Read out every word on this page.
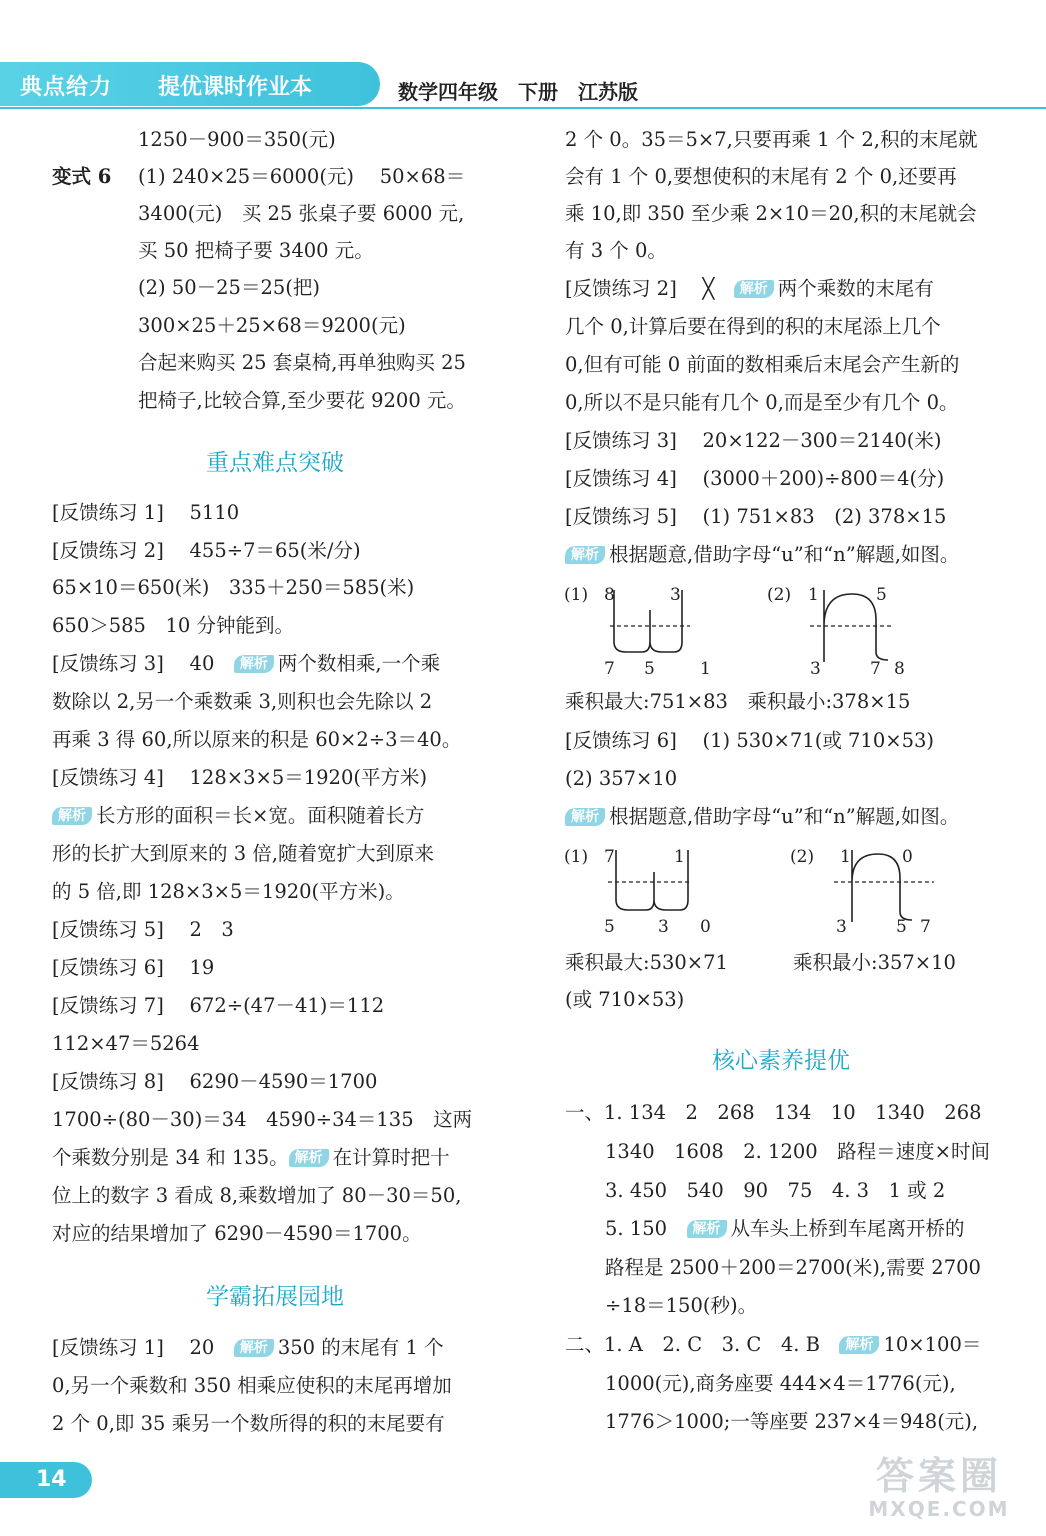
典点给力 提优课时作业本	数学四年级　下册　江苏版
1250－900＝350(元)
变式 6 (1) 240×25＝6000(元)　 50×68＝
3400(元)　买 25 张桌子要 6000 元,
买 50 把椅子要 3400 元。
(2) 50－25＝25(把)
300×25＋25×68＝9200(元)
合起来购买 25 套桌椅,再单独购买 25
把椅子,比较合算,至少要花 9200 元。
重点难点突破
[反馈练习 1]　 5110
[反馈练习 2]　 455÷7＝65(米/分)
65×10＝650(米)　335＋250＝585(米)
650＞585　10 分钟能到。
[反馈练习 3]　 40　 解析 两个数相乘,一个乘
数除以 2,另一个乘数乘 3,则积也会先除以 2
再乘 3 得 60,所以原来的积是 60×2÷3＝40。
[反馈练习 4]　 128×3×5＝1920(平方米)
解析 长方形的面积＝长×宽。面积随着长方
形的长扩大到原来的 3 倍,随着宽扩大到原来
的 5 倍,即 128×3×5＝1920(平方米)。
[反馈练习 5]　 2　3
[反馈练习 6]　 19
[反馈练习 7]　 672÷(47－41)＝112
112×47＝5264
[反馈练习 8]　 6290－4590＝1700
1700÷(80－30)＝34　4590÷34＝135　这两
个乘数分别是 34 和 135。 解析 在计算时把十
位上的数字 3 看成 8,乘数增加了 80－30＝50,
对应的结果增加了 6290－4590＝1700。
学霸拓展园地
[反馈练习 1]　 20　 解析 350 的末尾有 1 个
0,另一个乘数和 350 相乘应使积的末尾再增加
2 个 0,即 35 乘另一个数所得的积的末尾要有
2 个 0。35＝5×7,只要再乘 1 个 2,积的末尾就
会有 1 个 0,要想使积的末尾有 2 个 0,还要再
乘 10,即 350 至少乘 2×10＝20,积的末尾就会
有 3 个 0。
[反馈练习 2]　 ╳　 解析 两个乘数的末尾有
几个 0,计算后要在得到的积的末尾添上几个
0,但有可能 0 前面的数相乘后末尾会产生新的
0,所以不是只能有几个 0,而是至少有几个 0。
[反馈练习 3]　 20×122－300＝2140(米)
[反馈练习 4]　 (3000＋200)÷800＝4(分)
[反馈练习 5]　 (1) 751×83　(2) 378×15
解析 根据题意,借助字母“u”和“n”解题,如图。
(1) 8	3
7 5	1
(2) 1	5
3	7 8
乘积最大:751×83　乘积最小:378×15
[反馈练习 6]　 (1) 530×71(或 710×53)
(2) 357×10
解析 根据题意,借助字母“u”和“n”解题,如图。
(1) 7	1
5	3 0
(2) 1	0
3	5 7
乘积最大:530×71	乘积最小:357×10
(或 710×53)
核心素养提优
一、1. 134　2　268　134　10　1340　268
1340　1608　2. 1200　路程＝速度×时间
3. 450　540　90　75　4. 3　1 或 2
5. 150　 解析 从车头上桥到车尾离开桥的
路程是 2500＋200＝2700(米),需要 2700
÷18＝150(秒)。
二、1. A　2. C　3. C　4. B　 解析 10×100＝
1000(元),商务座要 444×4＝1776(元),
1776＞1000;一等座要 237×4＝948(元),
14	答案圈
MXQE.COM
